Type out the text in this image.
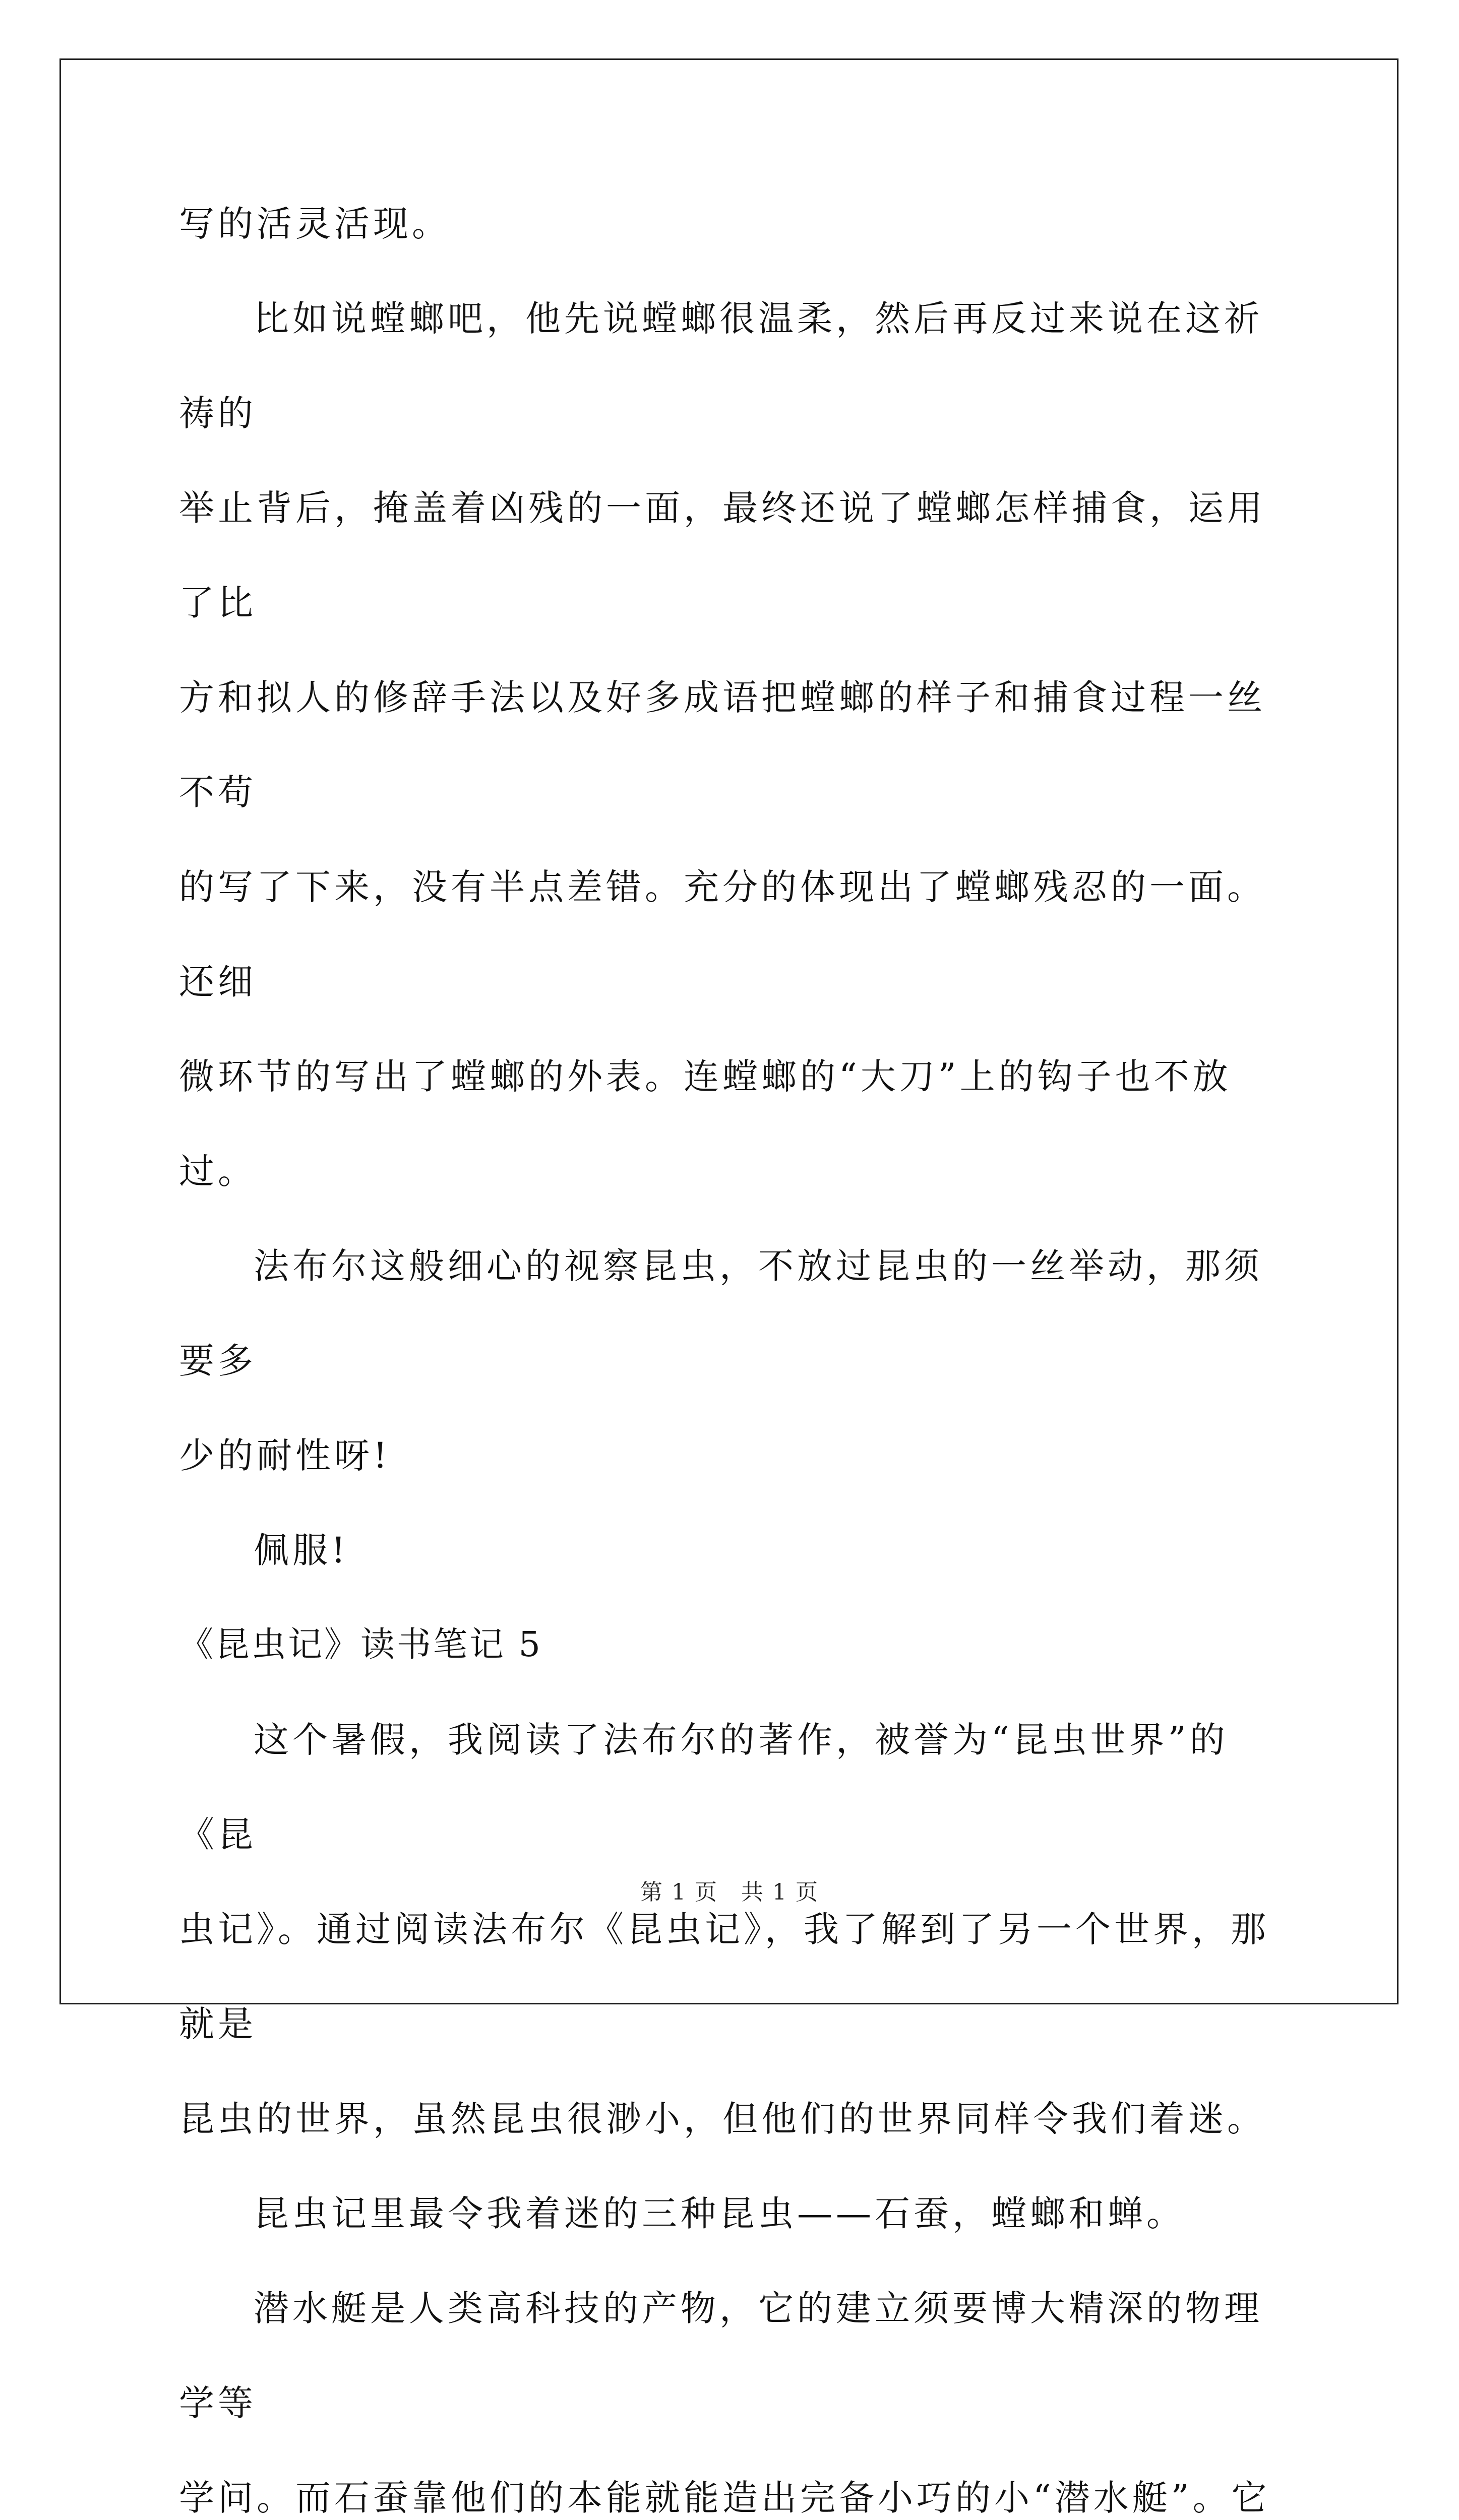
写的活灵活现。

比如说螳螂吧，他先说螳螂很温柔，然后再反过来说在这祈祷的
举止背后，掩盖着凶残的一面，最终还说了螳螂怎样捕食，运用了比
方和拟人的修辞手法以及好多成语把螳螂的样子和捕食过程一丝不苟
的写了下来，没有半点差错。充分的体现出了螳螂残忍的一面。还细
微环节的写出了螳螂的外表。连螳螂的“大刀”上的钩子也不放过。

法布尔这般细心的视察昆虫，不放过昆虫的一丝举动，那须要多
少的耐性呀!

佩服!

《昆虫记》读书笔记 5

这个暑假，我阅读了法布尔的著作，被誉为“昆虫世界”的《昆
虫记》。通过阅读法布尔《昆虫记》，我了解到了另一个世界，那就是
昆虫的世界，虽然昆虫很渺小，但他们的世界同样令我们着迷。

昆虫记里最令我着迷的三种昆虫——石蚕，螳螂和蝉。

潜水艇是人类高科技的产物，它的建立须要博大精深的物理学等
学问。而石蚕靠他们的本能就能造出完备小巧的小“潜水艇”。它

第 1 页　共 1 页
